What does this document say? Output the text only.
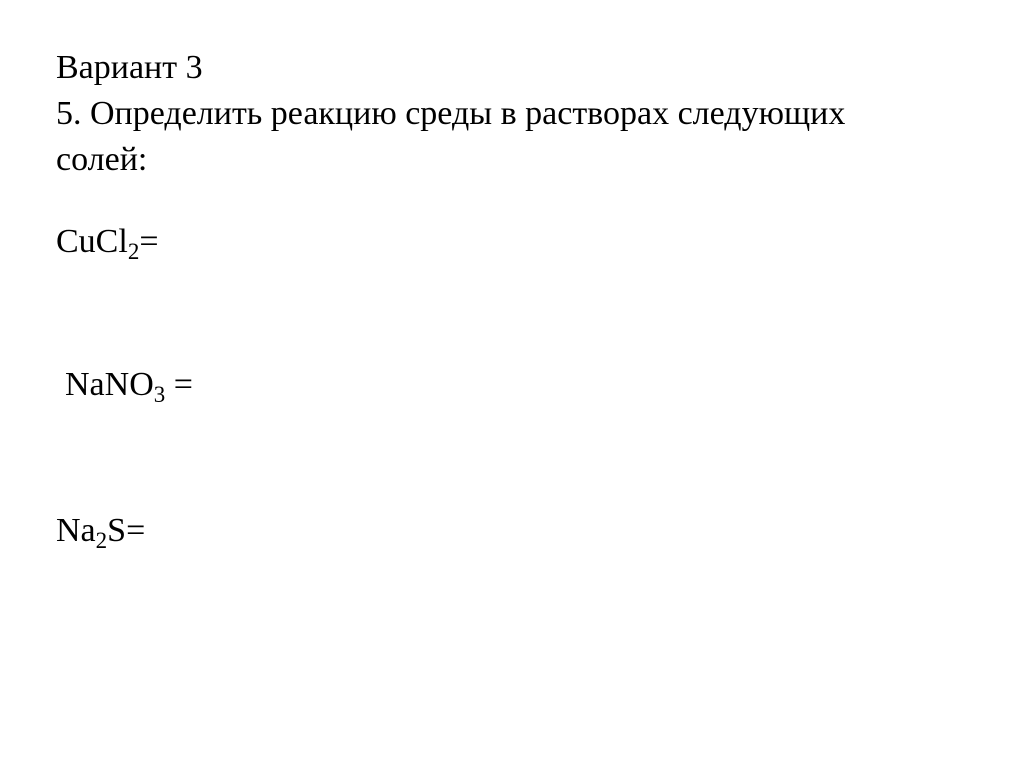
Вариант 3
5. Определить реакцию среды в растворах следующих
солей:
CuCl$_2$=
NaNO$_3$ =
$Na_2S=$
